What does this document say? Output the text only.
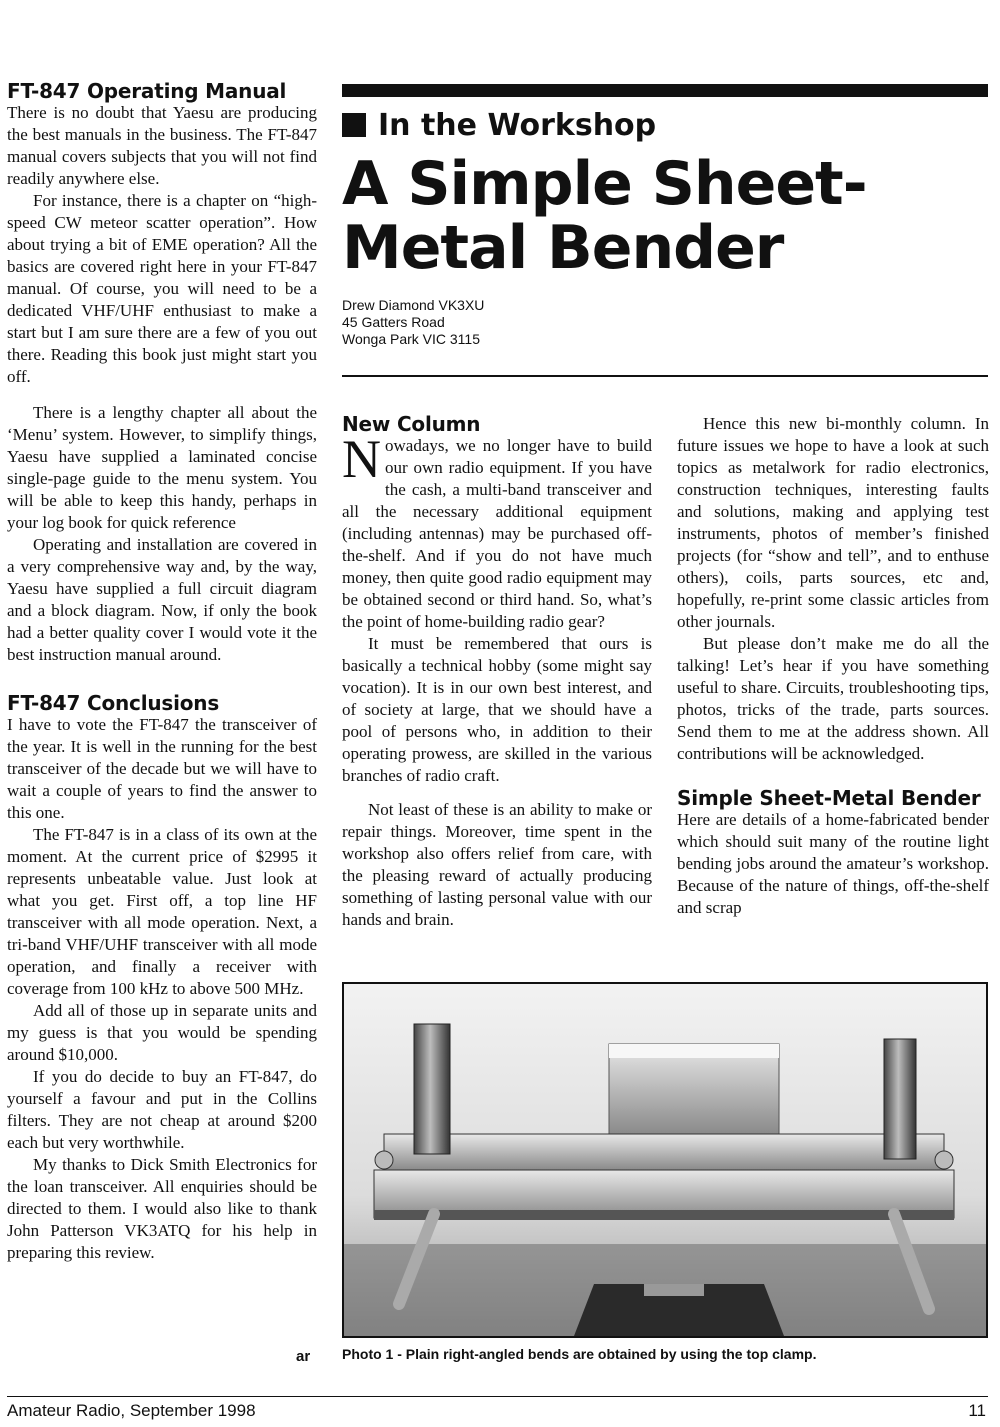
FT-847 Operating Manual

There is no doubt that Yaesu are producing the best manuals in the business. The FT-847 manual covers subjects that you will not find readily anywhere else.

For instance, there is a chapter on “high-speed CW meteor scatter operation”. How about trying a bit of EME operation? All the basics are covered right here in your FT-847 manual. Of course, you will need to be a dedicated VHF/UHF enthusiast to make a start but I am sure there are a few of you out there. Reading this book just might start you off.

There is a lengthy chapter all about the ‘Menu’ system. However, to simplify things, Yaesu have supplied a laminated concise single-page guide to the menu system. You will be able to keep this handy, perhaps in your log book for quick reference

Operating and installation are covered in a very comprehensive way and, by the way, Yaesu have supplied a full circuit diagram and a block diagram. Now, if only the book had a better quality cover I would vote it the best instruction manual around.

FT-847 Conclusions

I have to vote the FT-847 the transceiver of the year. It is well in the running for the best transceiver of the decade but we will have to wait a couple of years to find the answer to this one.

The FT-847 is in a class of its own at the moment. At the current price of $2995 it represents unbeatable value. Just look at what you get. First off, a top line HF transceiver with all mode operation. Next, a tri-band VHF/UHF transceiver with all mode operation, and finally a receiver with coverage from 100 kHz to above 500 MHz.

Add all of those up in separate units and my guess is that you would be spending around $10,000.

If you do decide to buy an FT-847, do yourself a favour and put in the Collins filters. They are not cheap at around $200 each but very worthwhile.

My thanks to Dick Smith Electronics for the loan transceiver. All enquiries should be directed to them. I would also like to thank John Patterson VK3ATQ for his help in preparing this review.

ar
In the Workshop
A Simple Sheet-Metal Bender
Drew Diamond VK3XU
45 Gatters Road
Wonga Park VIC 3115
New Column

Nowadays, we no longer have to build our own radio equipment. If you have the cash, a multi-band transceiver and all the necessary additional equipment (including antennas) may be purchased off-the-shelf. And if you do not have much money, then quite good radio equipment may be obtained second or third hand. So, what’s the point of home-building radio gear?

It must be remembered that ours is basically a technical hobby (some might say vocation). It is in our own best interest, and of society at large, that we should have a pool of persons who, in addition to their operating prowess, are skilled in the various branches of radio craft.

Not least of these is an ability to make or repair things. Moreover, time spent in the workshop also offers relief from care, with the pleasing reward of actually producing something of lasting personal value with our hands and brain.

Hence this new bi-monthly column. In future issues we hope to have a look at such topics as metalwork for radio electronics, construction techniques, interesting faults and solutions, making and applying test instruments, photos of member’s finished projects (for “show and tell”, and to enthuse others), coils, parts sources, etc and, hopefully, re-print some classic articles from other journals.

But please don’t make me do all the talking! Let’s hear if you have something useful to share. Circuits, troubleshooting tips, photos, tricks of the trade, parts sources. Send them to me at the address shown. All contributions will be acknowledged.

Simple Sheet-Metal Bender

Here are details of a home-fabricated bender which should suit many of the routine light bending jobs around the amateur’s workshop. Because of the nature of things, off-the-shelf and scrap

Photo 1 - Plain right-angled bends are obtained by using the top clamp.
Amateur Radio, September 1998	11
